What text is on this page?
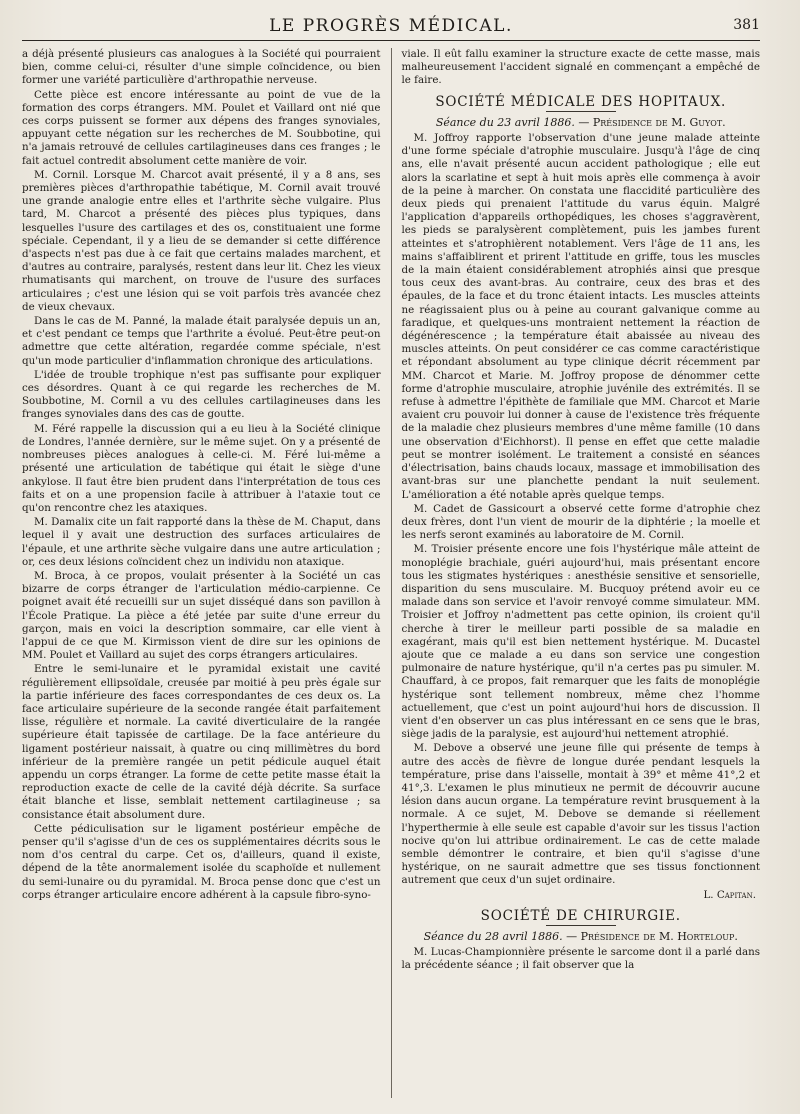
LE PROGRÈS MÉDICAL.	381

a déjà présenté plusieurs cas analogues à la Société qui pourraient bien, comme celui-ci, résulter d'une simple coïncidence, ou bien former une variété particulière d'arthropathie nerveuse.

Cette pièce est encore intéressante au point de vue de la formation des corps étrangers. MM. Poulet et Vaillard ont nié que ces corps puissent se former aux dépens des franges synoviales, appuyant cette négation sur les recherches de M. Soubbotine, qui n'a jamais retrouvé de cellules cartilagineuses dans ces franges ; le fait actuel contredit absolument cette manière de voir.

M. Cornil. Lorsque M. Charcot avait présenté, il y a 8 ans, ses premières pièces d'arthropathie tabétique, M. Cornil avait trouvé une grande analogie entre elles et l'arthrite sèche vulgaire. Plus tard, M. Charcot a présenté des pièces plus typiques, dans lesquelles l'usure des cartilages et des os, constituaient une forme spéciale. Cependant, il y a lieu de se demander si cette différence d'aspects n'est pas due à ce fait que certains malades marchent, et d'autres au contraire, paralysés, restent dans leur lit. Chez les vieux rhumatisants qui marchent, on trouve de l'usure des surfaces articulaires ; c'est une lésion qui se voit parfois très avancée chez de vieux chevaux.

Dans le cas de M. Panné, la malade était paralysée depuis un an, et c'est pendant ce temps que l'arthrite a évolué. Peut-être peut-on admettre que cette altération, regardée comme spéciale, n'est qu'un mode particulier d'inflammation chronique des articulations.

L'idée de trouble trophique n'est pas suffisante pour expliquer ces désordres. Quant à ce qui regarde les recherches de M. Soubbotine, M. Cornil a vu des cellules cartilagineuses dans les franges synoviales dans des cas de goutte.

M. Féré rappelle la discussion qui a eu lieu à la Société clinique de Londres, l'année dernière, sur le même sujet. On y a présenté de nombreuses pièces analogues à celle-ci. M. Féré lui-même a présenté une articulation de tabétique qui était le siège d'une ankylose. Il faut être bien prudent dans l'interprétation de tous ces faits et on a une propension facile à attribuer à l'ataxie tout ce qu'on rencontre chez les ataxiques.

M. Damalix cite un fait rapporté dans la thèse de M. Chaput, dans lequel il y avait une destruction des surfaces articulaires de l'épaule, et une arthrite sèche vulgaire dans une autre articulation ; or, ces deux lésions coïncident chez un individu non ataxique.

M. Broca, à ce propos, voulait présenter à la Société un cas bizarre de corps étranger de l'articulation médio-carpienne. Ce poignet avait été recueilli sur un sujet disséqué dans son pavillon à l'École Pratique. La pièce a été jetée par suite d'une erreur du garçon, mais en voici la description sommaire, car elle vient à l'appui de ce que M. Kirmisson vient de dire sur les opinions de MM. Poulet et Vaillard au sujet des corps étrangers articulaires.

Entre le semi-lunaire et le pyramidal existait une cavité régulièrement ellipsoïdale, creusée par moitié à peu près égale sur la partie inférieure des faces correspondantes de ces deux os. La face articulaire supérieure de la seconde rangée était parfaitement lisse, régulière et normale. La cavité diverticulaire de la rangée supérieure était tapissée de cartilage. De la face antérieure du ligament postérieur naissait, à quatre ou cinq millimètres du bord inférieur de la première rangée un petit pédicule auquel était appendu un corps étranger. La forme de cette petite masse était la reproduction exacte de celle de la cavité déjà décrite. Sa surface était blanche et lisse, semblait nettement cartilagineuse ; sa consistance était absolument dure.

Cette pédiculisation sur le ligament postérieur empêche de penser qu'il s'agisse d'un de ces os supplémentaires décrits sous le nom d'os central du carpe. Cet os, d'ailleurs, quand il existe, dépend de la tête anormalement isolée du scaphoïde et nullement du semi-lunaire ou du pyramidal. M. Broca pense donc que c'est un corps étranger articulaire encore adhérent à la capsule fibro-syno-

viale. Il eût fallu examiner la structure exacte de cette masse, mais malheureusement l'accident signalé en commençant a empêché de le faire.

SOCIÉTÉ MÉDICALE DES HOPITAUX.
Séance du 23 avril 1886. — Présidence de M. Guyot.

M. Joffroy rapporte l'observation d'une jeune malade atteinte d'une forme spéciale d'atrophie musculaire. Jusqu'à l'âge de cinq ans, elle n'avait présenté aucun accident pathologique ; elle eut alors la scarlatine et sept à huit mois après elle commença à avoir de la peine à marcher. On constata une flaccidité particulière des deux pieds qui prenaient l'attitude du varus équin. Malgré l'application d'appareils orthopédiques, les choses s'aggravèrent, les pieds se paralysèrent complètement, puis les jambes furent atteintes et s'atrophièrent notablement. Vers l'âge de 11 ans, les mains s'affaiblirent et prirent l'attitude en griffe, tous les muscles de la main étaient considérablement atrophiés ainsi que presque tous ceux des avant-bras. Au contraire, ceux des bras et des épaules, de la face et du tronc étaient intacts. Les muscles atteints ne réagissaient plus ou à peine au courant galvanique comme au faradique, et quelques-uns montraient nettement la réaction de dégénérescence ; la température était abaissée au niveau des muscles atteints. On peut considérer ce cas comme caractéristique et répondant absolument au type clinique décrit récemment par MM. Charcot et Marie. M. Joffroy propose de dénommer cette forme d'atrophie musculaire, atrophie juvénile des extrémités. Il se refuse à admettre l'épithète de familiale que MM. Charcot et Marie avaient cru pouvoir lui donner à cause de l'existence très fréquente de la maladie chez plusieurs membres d'une même famille (10 dans une observation d'Eichhorst). Il pense en effet que cette maladie peut se montrer isolément. Le traitement a consisté en séances d'électrisation, bains chauds locaux, massage et immobilisation des avant-bras sur une planchette pendant la nuit seulement. L'amélioration a été notable après quelque temps.

M. Cadet de Gassicourt a observé cette forme d'atrophie chez deux frères, dont l'un vient de mourir de la diphtérie ; la moelle et les nerfs seront examinés au laboratoire de M. Cornil.

M. Troisier présente encore une fois l'hystérique mâle atteint de monoplégie brachiale, guéri aujourd'hui, mais présentant encore tous les stigmates hystériques : anesthésie sensitive et sensorielle, disparition du sens musculaire. M. Bucquoy prétend avoir eu ce malade dans son service et l'avoir renvoyé comme simulateur. MM. Troisier et Joffroy n'admettent pas cette opinion, ils croient qu'il cherche à tirer le meilleur parti possible de sa maladie en exagérant, mais qu'il est bien nettement hystérique. M. Ducastel ajoute que ce malade a eu dans son service une congestion pulmonaire de nature hystérique, qu'il n'a certes pas pu simuler. M. Chauffard, à ce propos, fait remarquer que les faits de monoplégie hystérique sont tellement nombreux, même chez l'homme actuellement, que c'est un point aujourd'hui hors de discussion. Il vient d'en observer un cas plus intéressant en ce sens que le bras, siège jadis de la paralysie, est aujourd'hui nettement atrophié.

M. Debove a observé une jeune fille qui présente de temps à autre des accès de fièvre de longue durée pendant lesquels la température, prise dans l'aisselle, montait à 39° et même 41°,2 et 41°,3. L'examen le plus minutieux ne permit de découvrir aucune lésion dans aucun organe. La température revint brusquement à la normale. A ce sujet, M. Debove se demande si réellement l'hyperthermie à elle seule est capable d'avoir sur les tissus l'action nocive qu'on lui attribue ordinairement. Le cas de cette malade semble démontrer le contraire, et bien qu'il s'agisse d'une hystérique, on ne saurait admettre que ses tissus fonctionnent autrement que ceux d'un sujet ordinaire.

L. Capitan.
SOCIÉTÉ DE CHIRURGIE.
Séance du 28 avril 1886. — Présidence de M. Horteloup.

M. Lucas-Championnière présente le sarcome dont il a parlé dans la précédente séance ; il fait observer que la
